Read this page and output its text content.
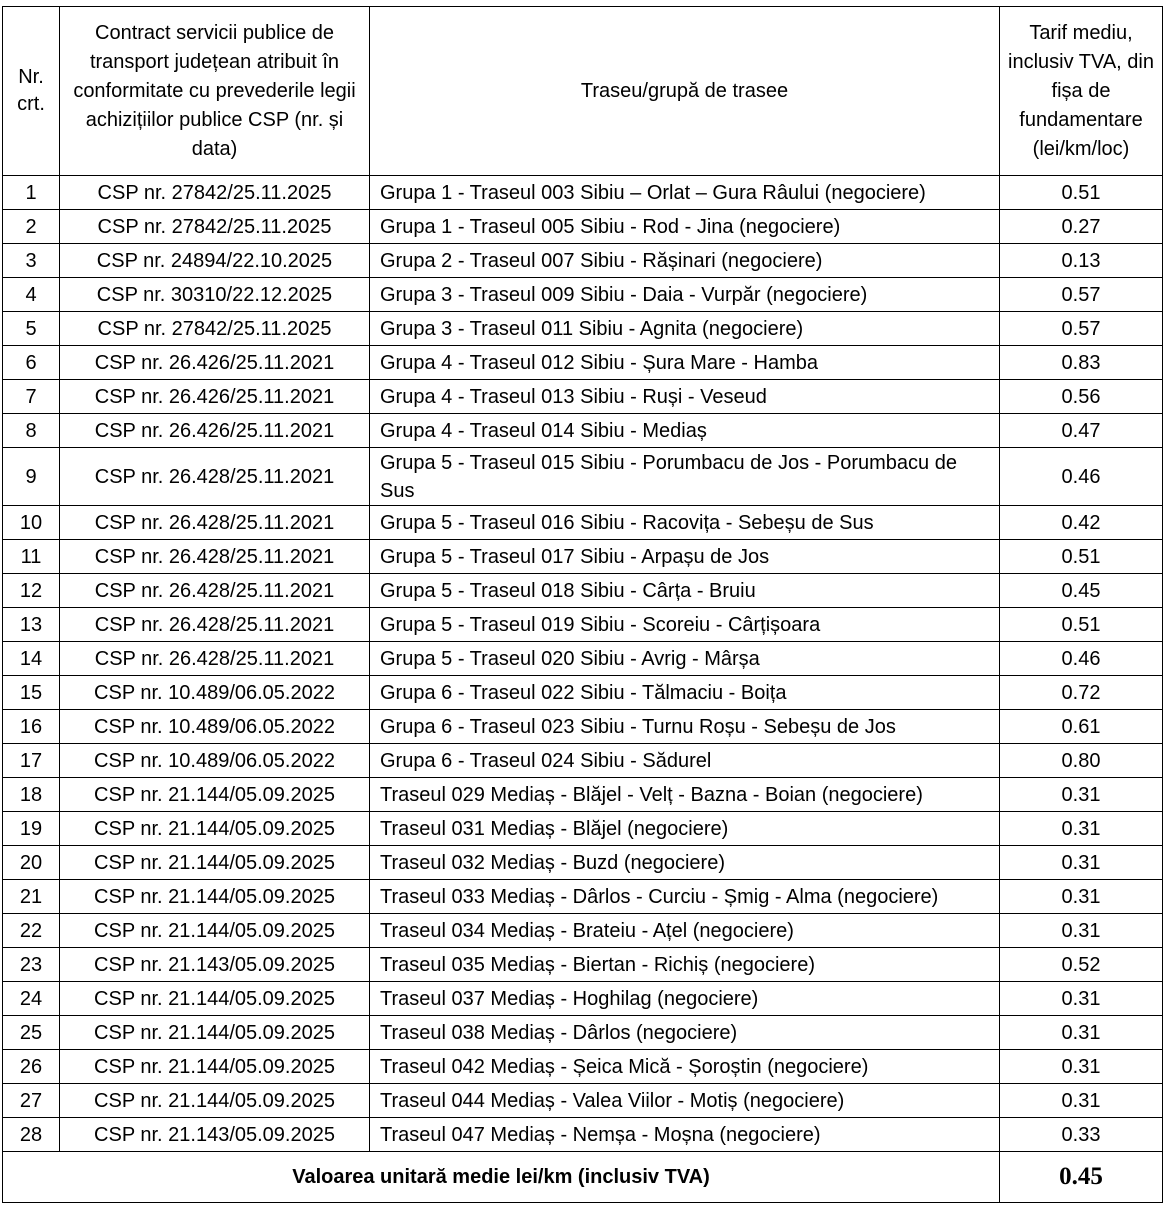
Nr. crt.	Contract servicii publice de transport județean atribuit în conformitate cu prevederile legii achizițiilor publice CSP (nr. și data)	Traseu/grupă de trasee	Tarif mediu, inclusiv TVA, din fișa de fundamentare (lei/km/loc)
1	CSP nr. 27842/25.11.2025	Grupa 1 - Traseul 003 Sibiu – Orlat – Gura Râului (negociere)	0.51
2	CSP nr. 27842/25.11.2025	Grupa 1 - Traseul 005 Sibiu - Rod - Jina (negociere)	0.27
3	CSP nr. 24894/22.10.2025	Grupa 2 - Traseul 007 Sibiu - Rășinari (negociere)	0.13
4	CSP nr. 30310/22.12.2025	Grupa 3 - Traseul 009 Sibiu - Daia - Vurpăr (negociere)	0.57
5	CSP nr. 27842/25.11.2025	Grupa 3 - Traseul 011 Sibiu - Agnita (negociere)	0.57
6	CSP nr. 26.426/25.11.2021	Grupa 4 - Traseul 012 Sibiu - Șura Mare - Hamba	0.83
7	CSP nr. 26.426/25.11.2021	Grupa 4 - Traseul 013 Sibiu - Ruși - Veseud	0.56
8	CSP nr. 26.426/25.11.2021	Grupa 4 - Traseul 014 Sibiu - Mediaș	0.47
9	CSP nr. 26.428/25.11.2021	Grupa 5 - Traseul 015 Sibiu - Porumbacu de Jos - Porumbacu de Sus	0.46
10	CSP nr. 26.428/25.11.2021	Grupa 5 - Traseul 016 Sibiu - Racovița - Sebeșu de Sus	0.42
11	CSP nr. 26.428/25.11.2021	Grupa 5 - Traseul 017 Sibiu - Arpașu de Jos	0.51
12	CSP nr. 26.428/25.11.2021	Grupa 5 - Traseul 018 Sibiu - Cârța - Bruiu	0.45
13	CSP nr. 26.428/25.11.2021	Grupa 5 - Traseul 019 Sibiu - Scoreiu - Cârțișoara	0.51
14	CSP nr. 26.428/25.11.2021	Grupa 5 - Traseul 020 Sibiu - Avrig - Mârșa	0.46
15	CSP nr. 10.489/06.05.2022	Grupa 6 - Traseul 022 Sibiu - Tălmaciu - Boița	0.72
16	CSP nr. 10.489/06.05.2022	Grupa 6 - Traseul 023 Sibiu - Turnu Roșu - Sebeșu de Jos	0.61
17	CSP nr. 10.489/06.05.2022	Grupa 6 - Traseul 024 Sibiu - Sădurel	0.80
18	CSP nr. 21.144/05.09.2025	Traseul 029 Mediaș - Blăjel - Velț - Bazna - Boian (negociere)	0.31
19	CSP nr. 21.144/05.09.2025	Traseul 031 Mediaș - Blăjel (negociere)	0.31
20	CSP nr. 21.144/05.09.2025	Traseul 032 Mediaș - Buzd (negociere)	0.31
21	CSP nr. 21.144/05.09.2025	Traseul 033 Mediaș - Dârlos - Curciu - Șmig - Alma (negociere)	0.31
22	CSP nr. 21.144/05.09.2025	Traseul 034 Mediaș - Brateiu - Ațel (negociere)	0.31
23	CSP nr. 21.143/05.09.2025	Traseul 035 Mediaș - Biertan - Richiș (negociere)	0.52
24	CSP nr. 21.144/05.09.2025	Traseul 037 Mediaș - Hoghilag (negociere)	0.31
25	CSP nr. 21.144/05.09.2025	Traseul 038 Mediaș - Dârlos (negociere)	0.31
26	CSP nr. 21.144/05.09.2025	Traseul 042 Mediaș - Șeica Mică - Șoroștin (negociere)	0.31
27	CSP nr. 21.144/05.09.2025	Traseul 044 Mediaș - Valea Viilor - Motiș (negociere)	0.31
28	CSP nr. 21.143/05.09.2025	Traseul 047 Mediaș - Nemșa - Moșna (negociere)	0.33
Valoarea unitară medie lei/km (inclusiv TVA)			0.45
